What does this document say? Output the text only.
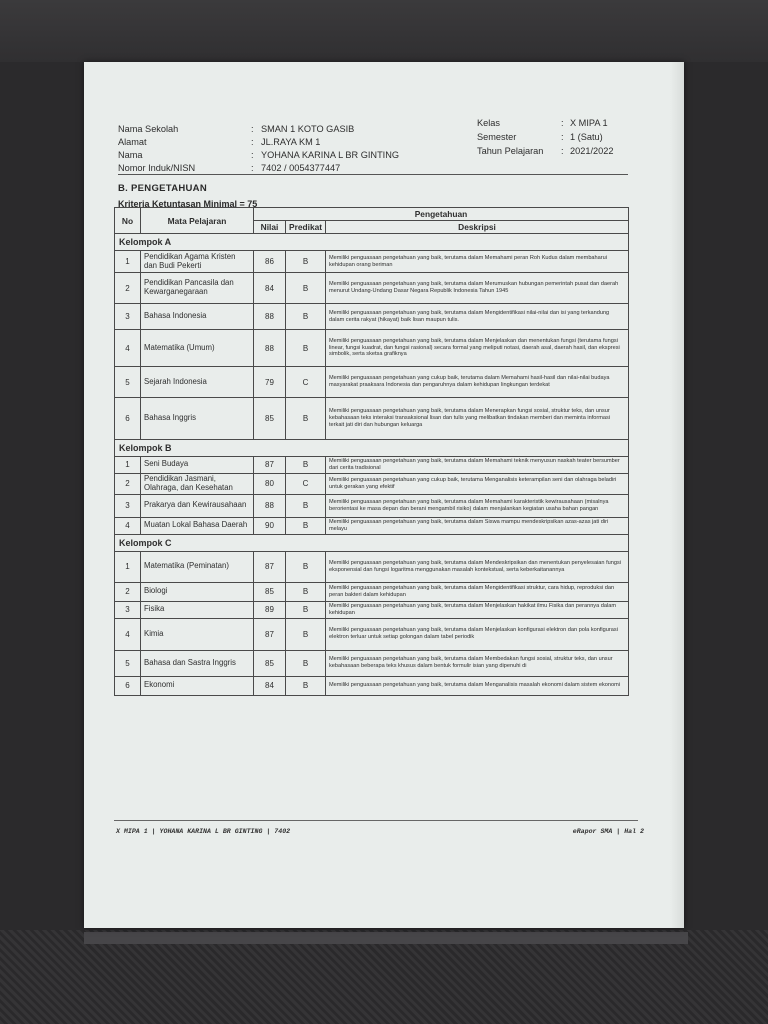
Nama Sekolah	: SMAN 1 KOTO GASIB
Alamat	: JL.RAYA KM 1
Nama	: YOHANA KARINA L BR GINTING
Nomor Induk/NISN	: 7402 / 0054377447
Kelas	: X MIPA 1
Semester	: 1 (Satu)
Tahun Pelajaran : 2021/2022
B. PENGETAHUAN
Kriteria Ketuntasan Minimal = 75
No	Mata Pelajaran	Pengetahuan		
		Nilai	Predikat	Deskripsi
Kelompok A				
1	Pendidikan Agama Kristen dan Budi Pekerti	86	B	Memiliki penguasaan pengetahuan yang baik, terutama dalam Memahami peran Roh Kudus dalam membaharui kehidupan orang beriman
2	Pendidikan Pancasila dan Kewarganegaraan	84	B	Memiliki penguasaan pengetahuan yang baik, terutama dalam Merumuskan hubungan pemerintah pusat dan daerah menurut Undang-Undang Dasar Negara Republik Indonesia Tahun 1945
3	Bahasa Indonesia	88	B	Memiliki penguasaan pengetahuan yang baik, terutama dalam Mengidentifikasi nilai-nilai dan isi yang terkandung dalam cerita rakyat (hikayat) baik lisan maupun tulis.
4	Matematika (Umum)	88	B	Memiliki penguasaan pengetahuan yang baik, terutama dalam Menjelaskan dan menentukan fungsi (terutama fungsi linear, fungsi kuadrat, dan fungsi rasional) secara formal yang meliputi notasi, daerah asal, daerah hasil, dan ekspresi simbolik, serta sketsa grafiknya
5	Sejarah Indonesia	79	C	Memiliki penguasaan pengetahuan yang cukup baik, terutama dalam Memahami hasil-hasil dan nilai-nilai budaya masyarakat praaksara Indonesia dan pengaruhnya dalam kehidupan lingkungan terdekat
6	Bahasa Inggris	85	B	Memiliki penguasaan pengetahuan yang baik, terutama dalam Menerapkan fungsi sosial, struktur teks, dan unsur kebahasaan teks interaksi transaksional lisan dan tulis yang melibatkan tindakan memberi dan meminta informasi terkait jati diri dan hubungan keluarga
Kelompok B				
1	Seni Budaya	87	B	Memiliki penguasaan pengetahuan yang baik, terutama dalam Memahami teknik menyusun naskah teater bersumber dari cerita tradisional
2	Pendidikan Jasmani, Olahraga, dan Kesehatan	80	C	Memiliki penguasaan pengetahuan yang cukup baik, terutama Menganalisis keterampilan seni dan olahraga beladiri untuk gerakan yang efektif
3	Prakarya dan Kewirausahaan	88	B	Memiliki penguasaan pengetahuan yang baik, terutama dalam Memahami karakteristik kewirausahaan (misalnya berorientasi ke masa depan dan berani mengambil risiko) dalam menjalankan kegiatan usaha bahan pangan
4	Muatan Lokal Bahasa Daerah	90	B	Memiliki penguasaan pengetahuan yang baik, terutama dalam Siswa mampu mendeskripsikan azas-azas jati diri melayu
Kelompok C				
1	Matematika (Peminatan)	87	B	Memiliki penguasaan pengetahuan yang baik, terutama dalam Mendeskripsikan dan menentukan penyelesaian fungsi eksponensial dan fungsi logaritma menggunakan masalah kontekstual, serta keberkaitanannya
2	Biologi	85	B	Memiliki penguasaan pengetahuan yang baik, terutama dalam Mengidentifikasi struktur, cara hidup, reproduksi dan peran bakteri dalam kehidupan
3	Fisika	89	B	Memiliki penguasaan pengetahuan yang baik, terutama dalam Menjelaskan hakikat ilmu Fisika dan perannya dalam kehidupan
4	Kimia	87	B	Memiliki penguasaan pengetahuan yang baik, terutama dalam Menjelaskan konfigurasi elektron dan pola konfigurasi elektron terluar untuk setiap golongan dalam tabel periodik
5	Bahasa dan Sastra Inggris	85	B	Memiliki penguasaan pengetahuan yang baik, terutama dalam Membedakan fungsi sosial, struktur teks, dan unsur kebahasaan beberapa teks khusus dalam bentuk formulir isian yang dipenuhi di
6	Ekonomi	84	B	Memiliki penguasaan pengetahuan yang baik, terutama dalam Menganalisis masalah ekonomi dalam sistem ekonomi
X MIPA 1 | YOHANA KARINA L BR GINTING | 7402	eRapor SMA | Hal 2
